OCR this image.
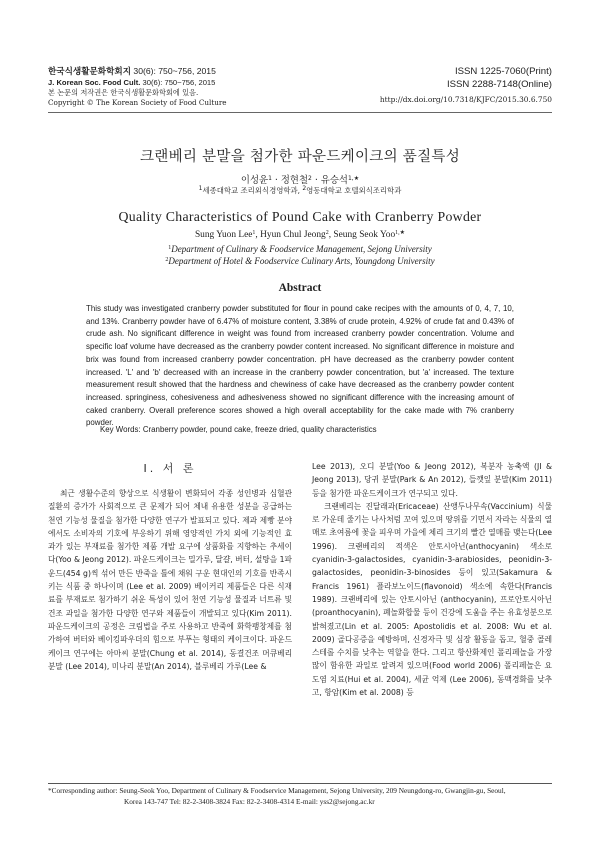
한국식생활문화학회지 30(6): 750~756, 2015
J. Korean Soc. Food Cult. 30(6): 750~756, 2015
본 논문의 저작권은 한국식생활문화학회에 있음.
Copyright © The Korean Society of Food Culture
ISSN 1225-7060(Print)
ISSN 2288-7148(Online)
http://dx.doi.org/10.7318/KJFC/2015.30.6.750
크랜베리 분말을 첨가한 파운드케이크의 품질특성
이성윤$^1$ · 정현철$^2$ · 유승석$^{1,★}$
$^1$세종대학교 조리외식경영학과, $^2$영동대학교 호텔외식조리학과
Quality Characteristics of Pound Cake with Cranberry Powder
Sung Yuon Lee$^1$, Hyun Chul Jeong$^2$, Seung Seok Yoo$^{1,★}$
$^1$Department of Culinary & Foodservice Management, Sejong University
$^2$Department of Hotel & Foodservice Culinary Arts, Youngdong University
Abstract
This study was investigated cranberry powder substituted for flour in pound cake recipes with the amounts of 0, 4, 7, 10, and 13%. Cranberry powder have of 6.47% of moisture content, 3.38% of crude protein, 4.92% of crude fat and 0.43% of crude ash. No significant difference in weight was found from increased cranberry powder concentration. Volume and specific loaf volume have decreased as the cranberry powder content increased. No significant difference in moisture and brix was found from increased cranberry powder concentration. pH have decreased as the cranberry powder content increased. 'L' and 'b' decreased with an increase in the cranberry powder concentration, but 'a' increased. The texture measurement result showed that the hardness and chewiness of cake have decreased as the cranberry powder content increased. springiness, cohesiveness and adhesiveness showed no significant difference with the increasing amount of caked cranberry. Overall preference scores showed a high overall acceptability for the cake made with 7% cranberry powder.
Key Words: Cranberry powder, pound cake, freeze dried, quality characteristics
Ⅰ. 서 론

최근 생활수준의 향상으로 식생활이 변화되어 각종 성인병과 심혈관 질환의 증가가 사회적으로 큰 문제가 되어 체내 유용한 성분을 공급하는 천연 기능성 물질을 첨가한 다양한 연구가 발표되고 있다. 제과 제빵 분야에서도 소비자의 기호에 부응하기 위해 영양적인 가치 외에 기능적인 효과가 있는 부재료를 첨가한 제품 개발 요구에 상품화를 지향하는 추세이다(Yoo & Jeong 2012). 파운드케이크는 밀가루, 달걀, 버터, 설탕을 1파운드(454 g)씩 섞어 만든 반죽을 틀에 채워 구운 현대인의 기호를 반족시키는 식품 중 하나이며 (Lee et al. 2009) 베이커리 제품들은 다른 식재료를 부재료로 첨가하기 쉬운 특성이 있어 천연 기능성 물질과 너트류 및 건조 과일을 첨가한 다양한 연구와 제품들이 개발되고 있다(Kim 2011). 파운드케이크의 공정은 크림법을 주로 사용하고 반죽에 화학팽창제를 첨가하여 버터와 베이킹파우더의 힘으로 부푸는 형태의 케이크이다. 파운드케이크 연구에는 아마씨 분말(Chung et al. 2014), 동결건조 머큐베리 분말 (Lee 2014), 미나리 분말(An 2014), 블루베리 가루(Lee &

Lee 2013), 오디 분말(Yoo & Jeong 2012), 복분자 농축액 (JI & Jeong 2013), 당귀 분말(Park & An 2012), 들깻잎 분말(Kim 2011) 등을 첨가한 파운드케이크가 연구되고 있다.

크랜베리는 진달래과(Ericaceae) 산앵두나무속(Vaccinium) 식물로 가운데 줄기는 나사처럼 꼬여 있으며 땅위를 기면서 자라는 식물의 열매로 초여름에 꽃을 피우며 가을에 체리 크기의 빨간 열매를 맺는다(Lee 1996). 크랜베리의 적색은 안토시아닌(anthocyanin) 색소로 cyanidin-3-galactosides, cyanidin-3-arabiosides, peonidin-3-galactosides, peonidin-3-binosides 등이 있고(Sakamura & Francis 1961) 플라보노이드(flavonoid) 색소에 속한다(Francis 1989). 크랜베리에 있는 안토시아닌 (anthocyanin), 프로안토시아닌(proanthocyanin), 폐놀화합물 등이 건강에 도움을 주는 유효성분으로 밝혀졌고(Lin et al. 2005: Apostolidis et al. 2008: Wu et al. 2009) 골다공증을 예방하며, 신경자극 및 심장 활동을 돕고, 혈중 콜레스테롤 수치를 낮추는 역할을 한다. 그리고 항산화제인 폴리페놀을 가장 많이 함유한 과일로 알려져 있으며(Food world 2006) 폴리페놀은 요도염 치료(Hui et al. 2004), 세균 억제 (Lee 2006), 동맥경화를 낮추고, 항암(Kim et al. 2008) 등

*Corresponding author: Seung-Seok Yoo, Department of Culinary & Foodservice Management, Sejong University, 209 Neungdong-ro, Gwangjin-gu, Seoul,
Korea 143-747 Tel: 82-2-3408-3824 Fax: 82-2-3408-4314 E-mail: yss2@sejong.ac.kr
